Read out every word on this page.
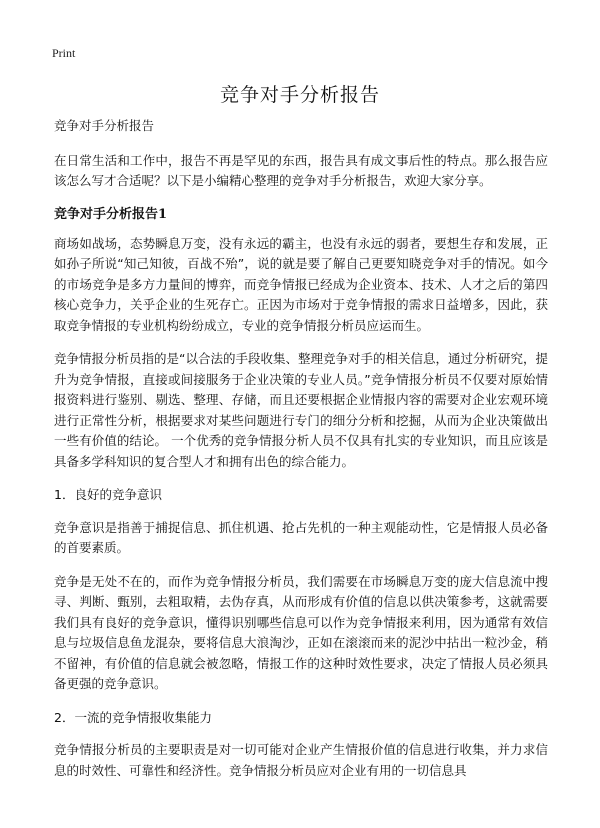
Print
竞争对手分析报告

竞争对手分析报告

在日常生活和工作中，报告不再是罕见的东西，报告具有成文事后性的特点。那么报告应该怎么写才合适呢？以下是小编精心整理的竞争对手分析报告，欢迎大家分享。

竞争对手分析报告1

商场如战场，态势瞬息万变，没有永远的霸主，也没有永远的弱者，要想生存和发展，正如孙子所说“知己知彼，百战不殆”，说的就是要了解自己更要知晓竞争对手的情况。如今的市场竞争是多方力量间的博弈，而竞争情报已经成为企业资本、技术、人才之后的第四核心竞争力，关乎企业的生死存亡。正因为市场对于竞争情报的需求日益增多，因此，获取竞争情报的专业机构纷纷成立，专业的竞争情报分析员应运而生。

竞争情报分析员指的是“以合法的手段收集、整理竞争对手的相关信息，通过分析研究，提升为竞争情报，直接或间接服务于企业决策的专业人员。”竞争情报分析员不仅要对原始情报资料进行鉴别、剔选、整理、存储，而且还要根据企业情报内容的需要对企业宏观环境进行正常性分析，根据要求对某些问题进行专门的细分分析和挖掘，从而为企业决策做出一些有价值的结论。 一个优秀的竞争情报分析人员不仅具有扎实的专业知识，而且应该是具备多学科知识的复合型人才和拥有出色的综合能力。

1．良好的竞争意识

竞争意识是指善于捕捉信息、抓住机遇、抢占先机的一种主观能动性，它是情报人员必备的首要素质。

竞争是无处不在的，而作为竞争情报分析员，我们需要在市场瞬息万变的庞大信息流中搜寻、判断、甄别，去粗取精，去伪存真，从而形成有价值的信息以供决策参考，这就需要我们具有良好的竞争意识，懂得识别哪些信息可以作为竞争情报来利用，因为通常有效信息与垃圾信息鱼龙混杂，要将信息大浪淘沙，正如在滚滚而来的泥沙中拈出一粒沙金，稍不留神，有价值的信息就会被忽略，情报工作的这种时效性要求，决定了情报人员必须具备更强的竞争意识。

2．一流的竞争情报收集能力

竞争情报分析员的主要职责是对一切可能对企业产生情报价值的信息进行收集，并力求信息的时效性、可靠性和经济性。竞争情报分析员应对企业有用的一切信息具
